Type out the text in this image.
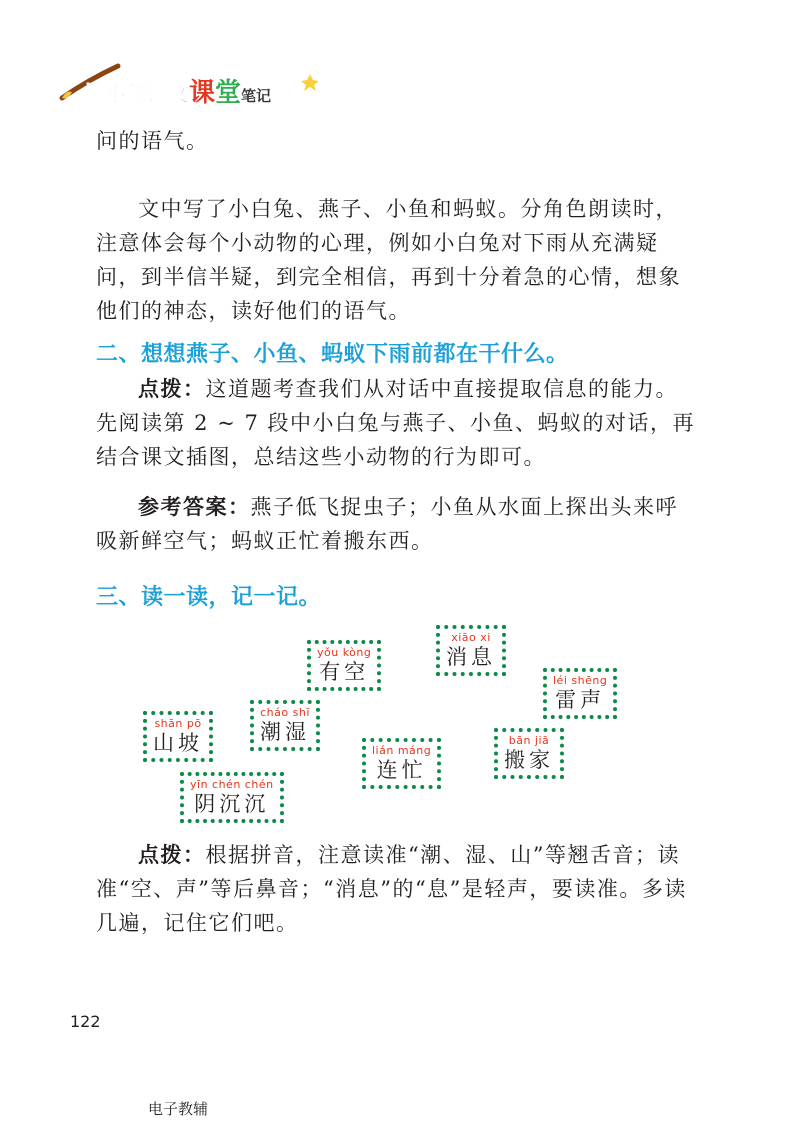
博小优语文课堂笔记

问的语气。

文中写了小白兔、燕子、小鱼和蚂蚁。分角色朗读时，注意体会每个小动物的心理，例如小白兔对下雨从充满疑问，到半信半疑，到完全相信，再到十分着急的心情，想象他们的神态，读好他们的语气。

二、想想燕子、小鱼、蚂蚁下雨前都在干什么。

点拨：这道题考查我们从对话中直接提取信息的能力。先阅读第 2 ~ 7 段中小白兔与燕子、小鱼、蚂蚁的对话，再结合课文插图，总结这些小动物的行为即可。

参考答案：燕子低飞捉虫子；小鱼从水面上探出头来呼吸新鲜空气；蚂蚁正忙着搬东西。

三、读一读，记一记。
yǒu kòng
有空
xiāo xi
消息
léi shēng
雷声
shān pō
山坡
cháo shī
潮湿
lián máng
连忙
bān jiā
搬家
yīn chén chén
阴沉沉

点拨：根据拼音，注意读准“潮、湿、山”等翘舌音；读准“空、声”等后鼻音；“消息”的“息”是轻声，要读准。多读几遍，记住它们吧。

122
电子教辅
